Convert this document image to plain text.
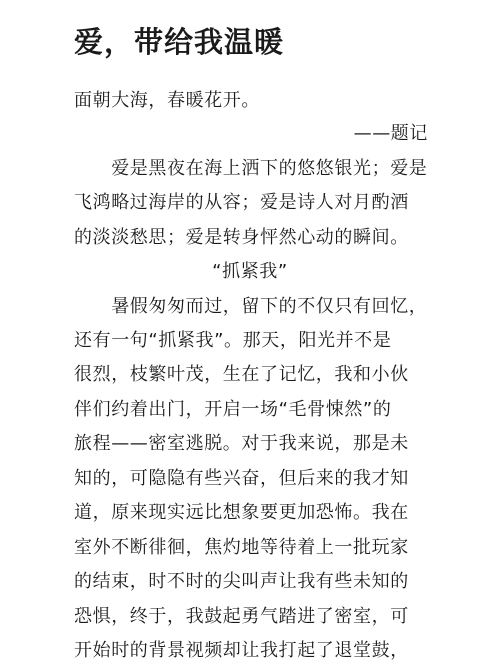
爱，带给我温暖
面朝大海，春暖花开。
——题记
　　爱是黑夜在海上洒下的悠悠银光；爱是
飞鸿略过海岸的从容；爱是诗人对月酌酒
的淡淡愁思；爱是转身怦然心动的瞬间。
“抓紧我”
　　暑假匆匆而过，留下的不仅只有回忆，
还有一句“抓紧我”。那天，阳光并不是
很烈，枝繁叶茂，生在了记忆，我和小伙
伴们约着出门，开启一场“毛骨悚然”的
旅程——密室逃脱。对于我来说，那是未
知的，可隐隐有些兴奋，但后来的我才知
道，原来现实远比想象要更加恐怖。我在
室外不断徘徊，焦灼地等待着上一批玩家
的结束，时不时的尖叫声让我有些未知的
恐惧，终于，我鼓起勇气踏进了密室，可
开始时的背景视频却让我打起了退堂鼓，
